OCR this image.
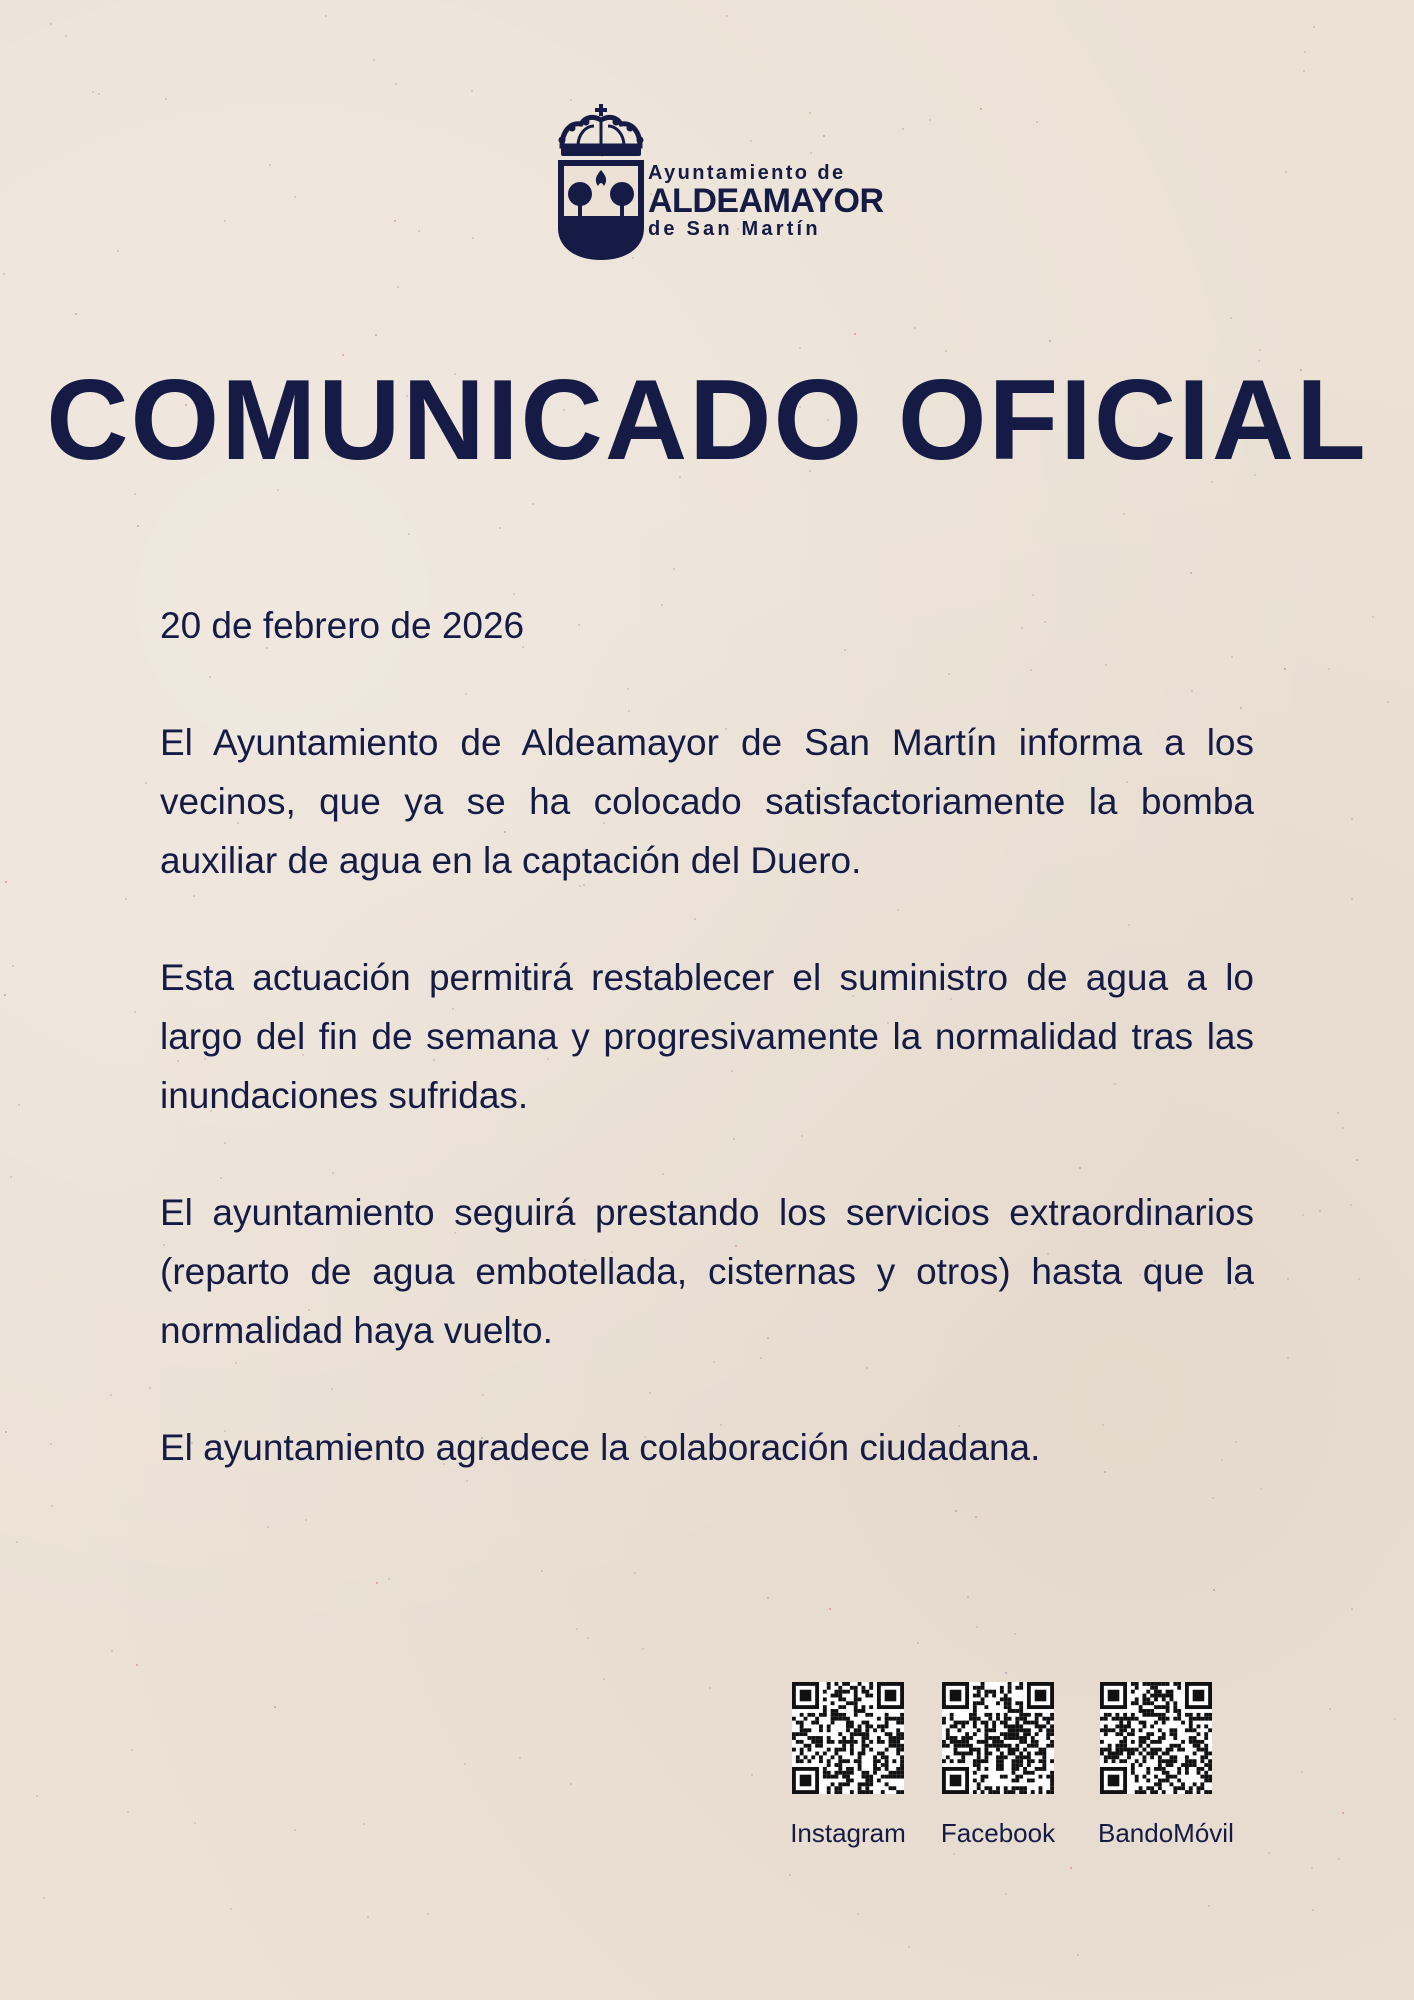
Ayuntamiento de
ALDEAMAYOR
de San Martín
COMUNICADO OFICIAL

20 de febrero de 2026

El Ayuntamiento de Aldeamayor de San Martín informa a los vecinos, que ya se ha colocado satisfactoriamente la bomba auxiliar de agua en la captación del Duero.

Esta actuación permitirá restablecer el suministro de agua a lo largo del fin de semana y progresivamente la normalidad tras las inundaciones sufridas.

El ayuntamiento seguirá prestando los servicios extraordinarios (reparto de agua embotellada, cisternas y otros) hasta que la normalidad haya vuelto.

El ayuntamiento agradece la colaboración ciudadana.

Instagram Facebook BandoMóvil
